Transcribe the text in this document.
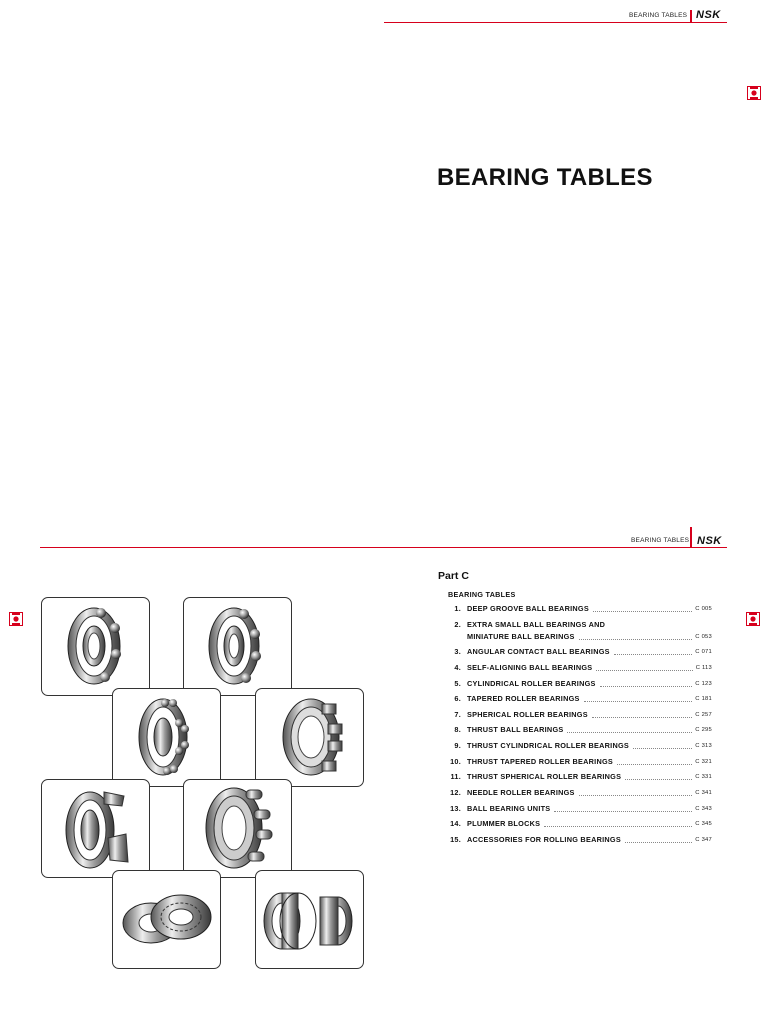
BEARING TABLES NSK
BEARING TABLES
BEARING TABLES NSK
Part C
BEARING TABLES
1. DEEP GROOVE BALL BEARINGS	C 005
2. EXTRA SMALL BALL BEARINGS AND
MINIATURE BALL BEARINGS	C 053
3. ANGULAR CONTACT BALL BEARINGS	C 071
4. SELF-ALIGNING BALL BEARINGS	C 113
5. CYLINDRICAL ROLLER BEARINGS	C 123
6. TAPERED ROLLER BEARINGS	C 181
7. SPHERICAL ROLLER BEARINGS	C 257
8. THRUST BALL BEARINGS	C 295
9. THRUST CYLINDRICAL ROLLER BEARINGS	C 313
10. THRUST TAPERED ROLLER BEARINGS	C 321
11. THRUST SPHERICAL ROLLER BEARINGS	C 331
12. NEEDLE ROLLER BEARINGS	C 341
13. BALL BEARING UNITS	C 343
14. PLUMMER BLOCKS	C 345
15. ACCESSORIES FOR ROLLING BEARINGS	C 347
